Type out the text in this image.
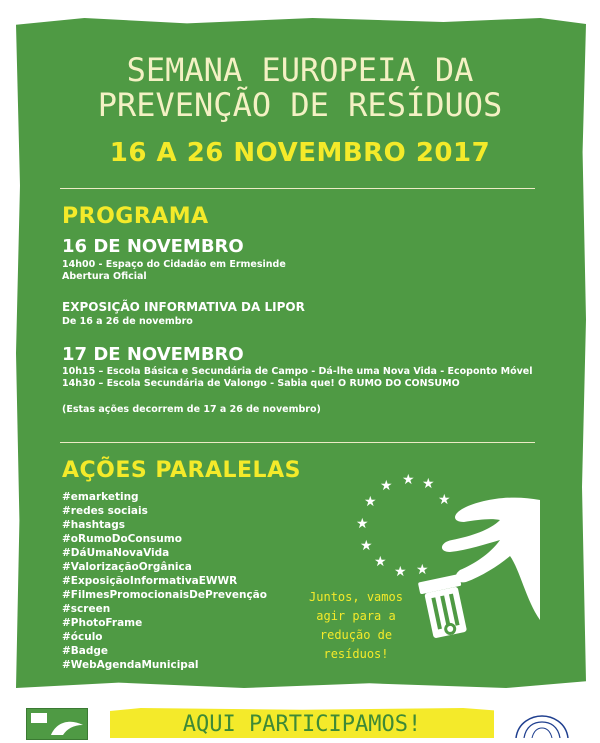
SEMANA EUROPEIA DA
PREVENÇÃO DE RESÍDUOS
16 A 26 NOVEMBRO 2017
PROGRAMA
16 DE NOVEMBRO
14h00 - Espaço do Cidadão em Ermesinde
Abertura Oficial
EXPOSIÇÃO INFORMATIVA DA LIPOR
De 16 a 26 de novembro
17 DE NOVEMBRO
10h15 – Escola Básica e Secundária de Campo - Dá-lhe uma Nova Vida - Ecoponto Móvel
14h30 – Escola Secundária de Valongo - Sabia que! O RUMO DO CONSUMO
(Estas ações decorrem de 17 a 26 de novembro)
AÇÕES PARALELAS
#emarketing
#redes sociais
#hashtags
#oRumoDoConsumo
#DáUmaNovaVida
#ValorizaçãoOrgânica
#ExposiçãoInformativaEWWR
#FilmesPromocionaisDePrevenção
#screen
#PhotoFrame
#óculo
#Badge
#WebAgendaMunicipal
★ ★
★
★
★
★
★
★
★ ★
Juntos, vamos
agir para a
redução de
resíduos!
AQUI PARTICIPAMOS!
